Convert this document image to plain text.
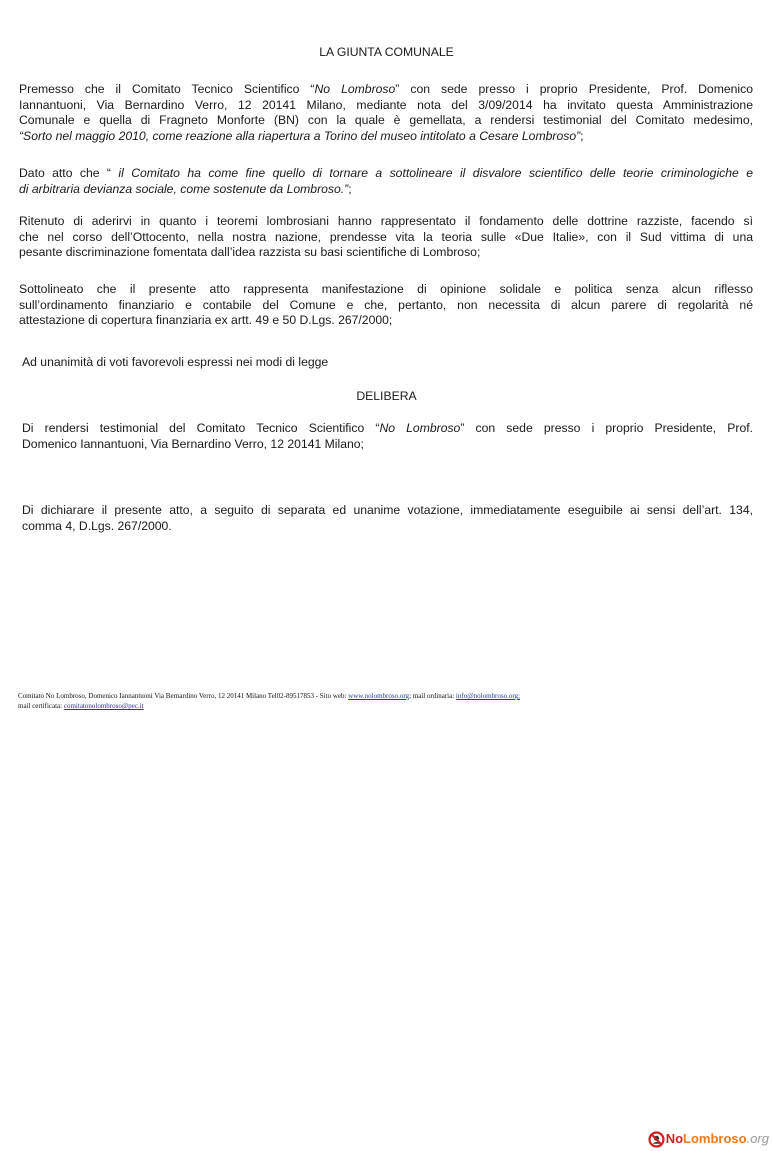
LA GIUNTA COMUNALE
Premesso che il Comitato Tecnico Scientifico “No Lombroso” con sede presso i proprio Presidente, Prof. Domenico
Iannantuoni, Via Bernardino Verro, 12 20141 Milano, mediante nota del 3/09/2014 ha invitato questa Amministrazione
Comunale e quella di Fragneto Monforte (BN) con la quale è gemellata, a rendersi testimonial del Comitato medesimo,
“Sorto nel maggio 2010, come reazione alla riapertura a Torino del museo intitolato a Cesare Lombroso”;
Dato atto che “ il Comitato ha come fine quello di tornare a sottolineare il disvalore scientifico delle teorie criminologiche e
di arbitraria devianza sociale, come sostenute da Lombroso.”;
Ritenuto di aderirvi in quanto i teoremi lombrosiani hanno rappresentato il fondamento delle dottrine razziste, facendo sì
che nel corso dell’Ottocento, nella nostra nazione, prendesse vita la teoria sulle «Due Italie», con il Sud vittima di una
pesante discriminazione fomentata dall’idea razzista su basi scientifiche di Lombroso;
Sottolineato che il presente atto rappresenta manifestazione di opinione solidale e politica senza alcun riflesso
sull’ordinamento finanziario e contabile del Comune e che, pertanto, non necessita di alcun parere di regolarità né
attestazione di copertura finanziaria ex artt. 49 e 50 D.Lgs. 267/2000;
Ad unanimità di voti favorevoli espressi nei modi di legge
DELIBERA
Di rendersi testimonial del Comitato Tecnico Scientifico “No Lombroso” con sede presso i proprio Presidente, Prof.
Domenico Iannantuoni, Via Bernardino Verro, 12 20141 Milano;
Di dichiarare il presente atto, a seguito di separata ed unanime votazione, immediatamente eseguibile ai sensi dell’art. 134,
comma 4, D.Lgs. 267/2000.
Comitato No Lombroso, Domenico Iannantuoni Via Bernardino Verro, 12 20141 Milano Tel02-89517853 - Sito web: www.nolombroso.org; mail ordinaria: info@nolombroso.org;
mail certificata: comitatonolombroso@pec.it
No Lombroso .org
